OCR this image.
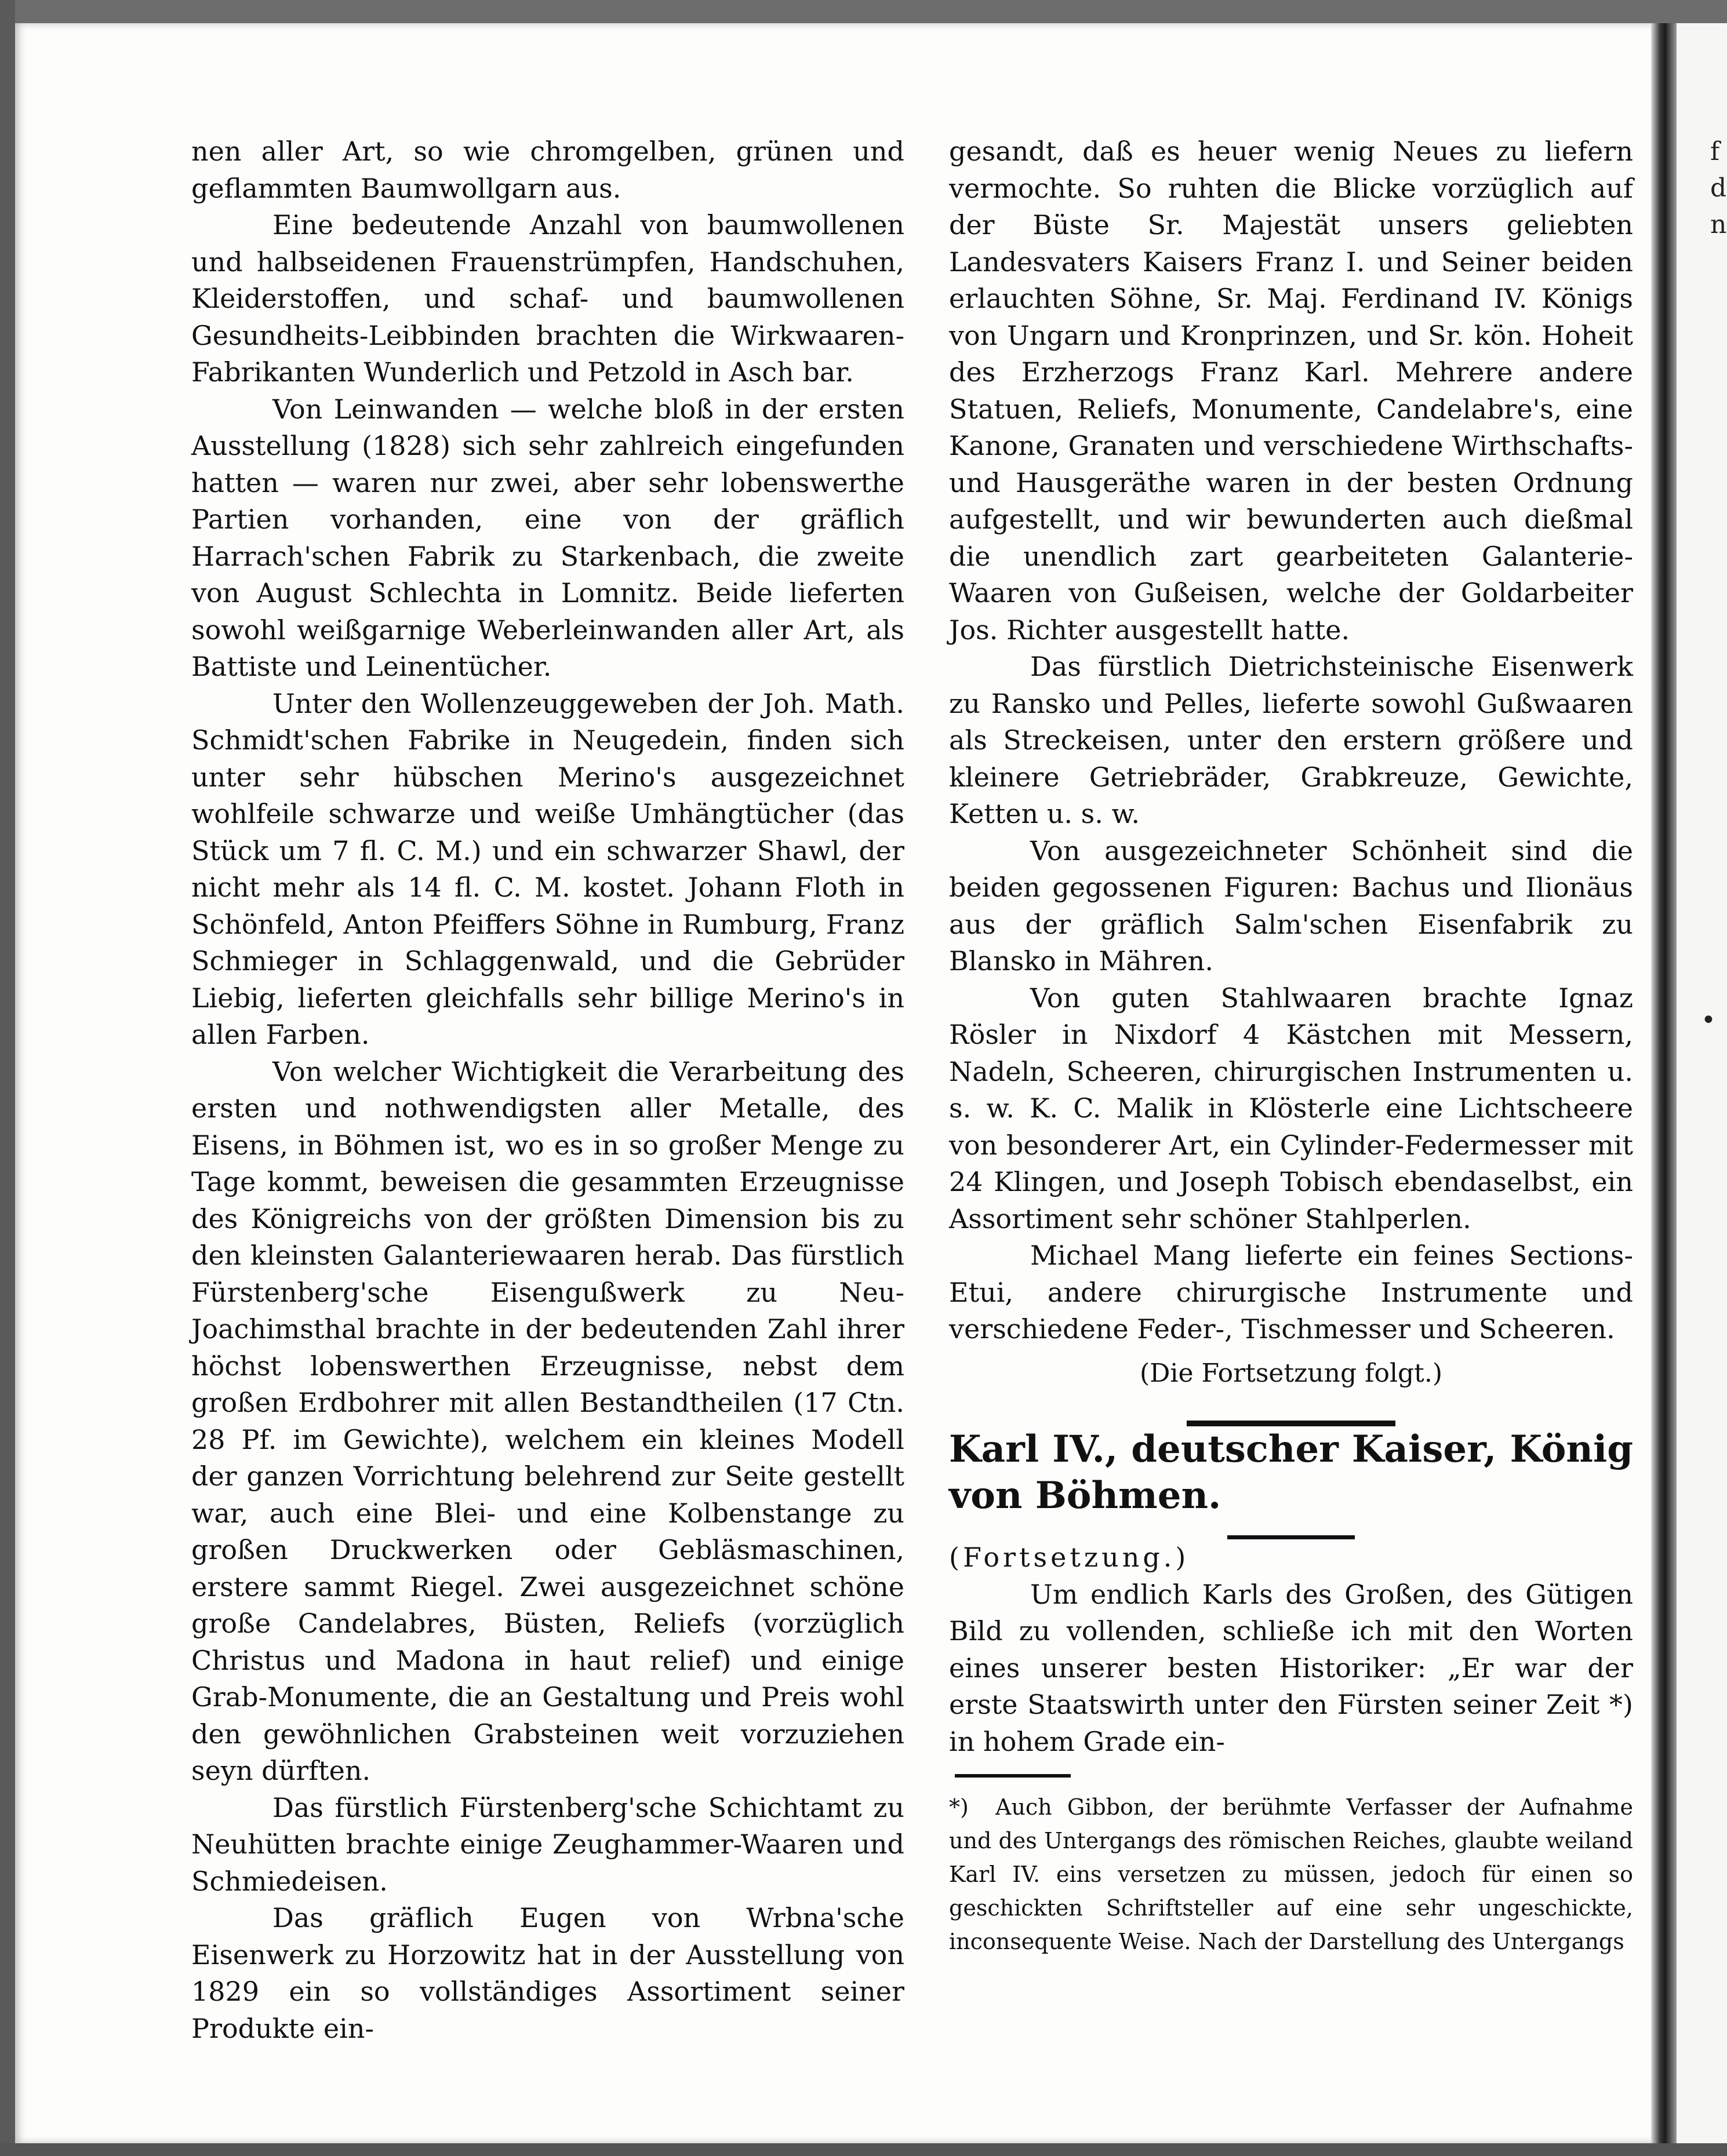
nen aller Art, so wie chromgelben, grünen und geflammten Baumwollgarn aus.

Eine bedeutende Anzahl von baumwollenen und halbseidenen Frauenstrümpfen, Handschuhen, Kleiderstoffen, und schaf- und baumwollenen Gesundheits-Leibbinden brachten die Wirkwaaren-Fabrikanten Wunderlich und Petzold in Asch bar.

Von Leinwanden — welche bloß in der ersten Ausstellung (1828) sich sehr zahlreich eingefunden hatten — waren nur zwei, aber sehr lobenswerthe Partien vorhanden, eine von der gräflich Harrach'schen Fabrik zu Starkenbach, die zweite von August Schlechta in Lomnitz. Beide lieferten sowohl weißgarnige Weberleinwanden aller Art, als Battiste und Leinentücher.

Unter den Wollenzeuggeweben der Joh. Math. Schmidt'schen Fabrike in Neugedein, finden sich unter sehr hübschen Merino's ausgezeichnet wohlfeile schwarze und weiße Umhängtücher (das Stück um 7 fl. C. M.) und ein schwarzer Shawl, der nicht mehr als 14 fl. C. M. kostet. Johann Floth in Schönfeld, Anton Pfeiffers Söhne in Rumburg, Franz Schmieger in Schlaggenwald, und die Gebrüder Liebig, lieferten gleichfalls sehr billige Merino's in allen Farben.

Von welcher Wichtigkeit die Verarbeitung des ersten und nothwendigsten aller Metalle, des Eisens, in Böhmen ist, wo es in so großer Menge zu Tage kommt, beweisen die gesammten Erzeugnisse des Königreichs von der größten Dimension bis zu den kleinsten Galanteriewaaren herab. Das fürstlich Fürstenberg'sche Eisengußwerk zu Neu-Joachimsthal brachte in der bedeutenden Zahl ihrer höchst lobenswerthen Erzeugnisse, nebst dem großen Erdbohrer mit allen Bestandtheilen (17 Ctn. 28 Pf. im Gewichte), welchem ein kleines Modell der ganzen Vorrichtung belehrend zur Seite gestellt war, auch eine Blei- und eine Kolbenstange zu großen Druckwerken oder Gebläsmaschinen, erstere sammt Riegel. Zwei ausgezeichnet schöne große Candelabres, Büsten, Reliefs (vorzüglich Christus und Madona in haut relief) und einige Grab-Monumente, die an Gestaltung und Preis wohl den gewöhnlichen Grabsteinen weit vorzuziehen seyn dürften.

Das fürstlich Fürstenberg'sche Schichtamt zu Neuhütten brachte einige Zeughammer-Waaren und Schmiedeisen.

Das gräflich Eugen von Wrbna'sche Eisenwerk zu Horzowitz hat in der Ausstellung von 1829 ein so vollständiges Assortiment seiner Produkte ein-

gesandt, daß es heuer wenig Neues zu liefern vermochte. So ruhten die Blicke vorzüglich auf der Büste Sr. Majestät unsers geliebten Landesvaters Kaisers Franz I. und Seiner beiden erlauchten Söhne, Sr. Maj. Ferdinand IV. Königs von Ungarn und Kronprinzen, und Sr. kön. Hoheit des Erzherzogs Franz Karl. Mehrere andere Statuen, Reliefs, Monumente, Candelabre's, eine Kanone, Granaten und verschiedene Wirthschafts- und Hausgeräthe waren in der besten Ordnung aufgestellt, und wir bewunderten auch dießmal die unendlich zart gearbeiteten Galanterie-Waaren von Gußeisen, welche der Goldarbeiter Jos. Richter ausgestellt hatte.

Das fürstlich Dietrichsteinische Eisenwerk zu Ransko und Pelles, lieferte sowohl Gußwaaren als Streckeisen, unter den erstern größere und kleinere Getriebräder, Grabkreuze, Gewichte, Ketten u. s. w.

Von ausgezeichneter Schönheit sind die beiden gegossenen Figuren: Bachus und Ilionäus aus der gräflich Salm'schen Eisenfabrik zu Blansko in Mähren.

Von guten Stahlwaaren brachte Ignaz Rösler in Nixdorf 4 Kästchen mit Messern, Nadeln, Scheeren, chirurgischen Instrumenten u. s. w. K. C. Malik in Klösterle eine Lichtscheere von besonderer Art, ein Cylinder-Federmesser mit 24 Klingen, und Joseph Tobisch ebendaselbst, ein Assortiment sehr schöner Stahlperlen.

Michael Mang lieferte ein feines Sections-Etui, andere chirurgische Instrumente und verschiedene Feder-, Tischmesser und Scheeren.

(Die Fortsetzung folgt.)

Karl IV., deutscher Kaiser, König von Böhmen.

(Fortsetzung.)

Um endlich Karls des Großen, des Gütigen Bild zu vollenden, schließe ich mit den Worten eines unserer besten Historiker: „Er war der erste Staatswirth unter den Fürsten seiner Zeit *) in hohem Grade ein-

*) Auch Gibbon, der berühmte Verfasser der Aufnahme und des Untergangs des römischen Reiches, glaubte weiland Karl IV. eins versetzen zu müssen, jedoch für einen so geschickten Schriftsteller auf eine sehr ungeschickte, inconsequente Weise. Nach der Darstellung des Untergangs

f
d
n
•
